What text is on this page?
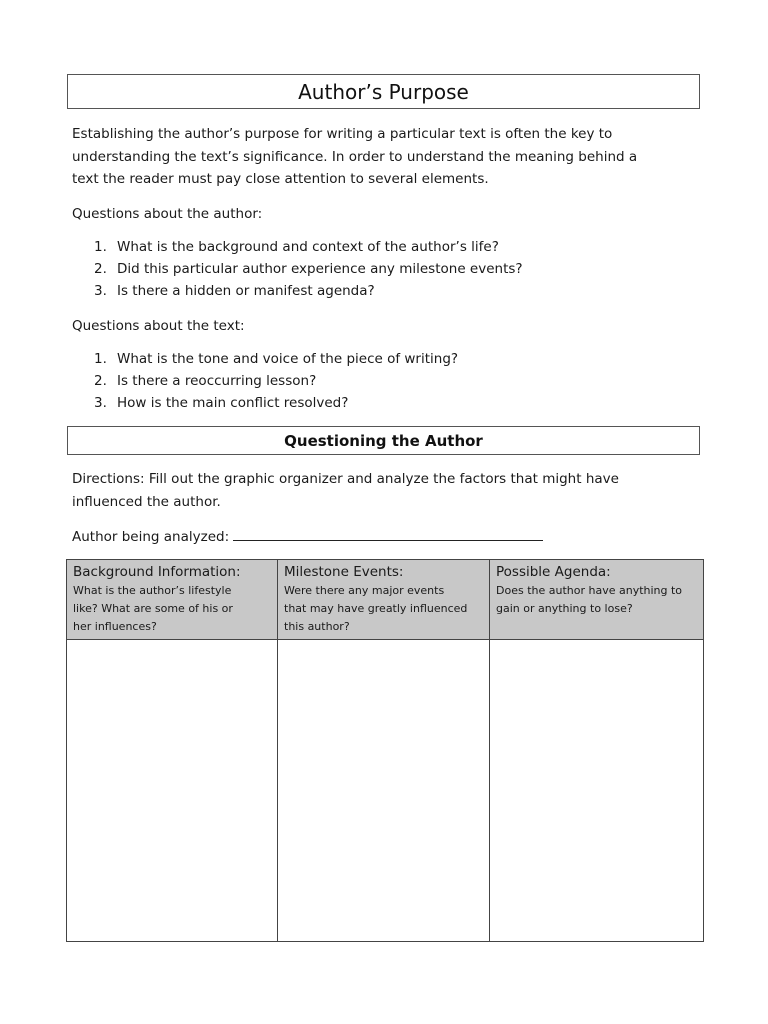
Author’s Purpose
Establishing the author’s purpose for writing a particular text is often the key to
understanding the text’s significance. In order to understand the meaning behind a
text the reader must pay close attention to several elements.
Questions about the author:
1. What is the background and context of the author’s life?
2. Did this particular author experience any milestone events?
3. Is there a hidden or manifest agenda?
Questions about the text:
1. What is the tone and voice of the piece of writing?
2. Is there a reoccurring lesson?
3. How is the main conflict resolved?
Questioning the Author
Directions: Fill out the graphic organizer and analyze the factors that might have
influenced the author.
Author being analyzed:
Background Information:
What is the author’s lifestyle
like? What are some of his or
her influences?	Milestone Events:
Were there any major events
that may have greatly influenced
this author?	Possible Agenda:
Does the author have anything to
gain or anything to lose?
